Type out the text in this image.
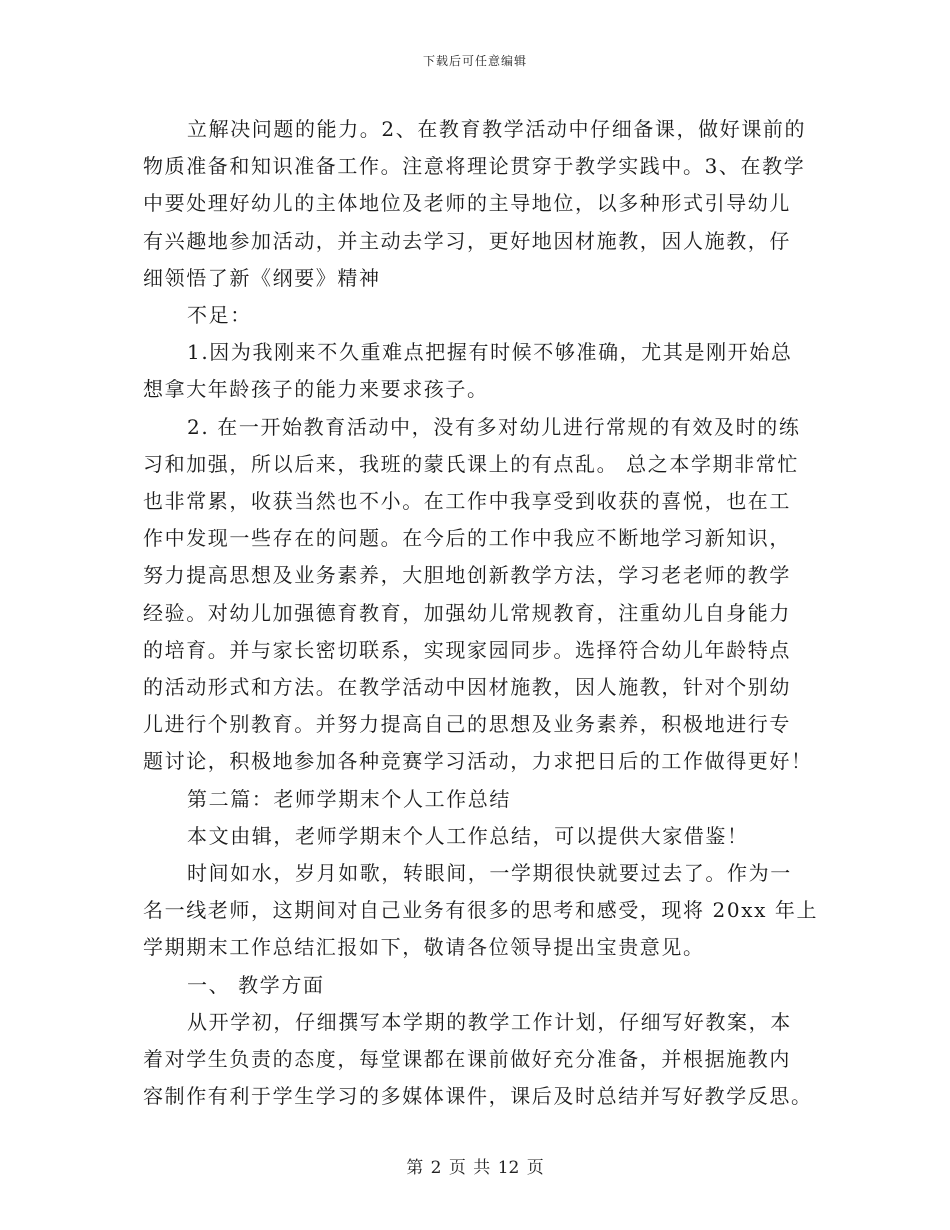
下载后可任意编辑

立解决问题的能力。2、在教育教学活动中仔细备课，做好课前的

物质准备和知识准备工作。注意将理论贯穿于教学实践中。3、在教学

中要处理好幼儿的主体地位及老师的主导地位，以多种形式引导幼儿

有兴趣地参加活动，并主动去学习，更好地因材施教，因人施教，仔

细领悟了新《纲要》精神

不足：

1.因为我刚来不久重难点把握有时候不够准确，尤其是刚开始总

想拿大年龄孩子的能力来要求孩子。

2. 在一开始教育活动中，没有多对幼儿进行常规的有效及时的练

习和加强，所以后来，我班的蒙氏课上的有点乱。 总之本学期非常忙

也非常累，收获当然也不小。在工作中我享受到收获的喜悦，也在工

作中发现一些存在的问题。在今后的工作中我应不断地学习新知识，

努力提高思想及业务素养，大胆地创新教学方法，学习老老师的教学

经验。对幼儿加强德育教育，加强幼儿常规教育，注重幼儿自身能力

的培育。并与家长密切联系，实现家园同步。选择符合幼儿年龄特点

的活动形式和方法。在教学活动中因材施教，因人施教，针对个别幼

儿进行个别教育。并努力提高自己的思想及业务素养，积极地进行专

题讨论，积极地参加各种竞赛学习活动，力求把日后的工作做得更好！

第二篇：老师学期末个人工作总结

本文由辑，老师学期末个人工作总结，可以提供大家借鉴！

时间如水，岁月如歌，转眼间，一学期很快就要过去了。作为一

名一线老师，这期间对自己业务有很多的思考和感受，现将 20xx 年上

学期期末工作总结汇报如下，敬请各位领导提出宝贵意见。

一、 教学方面

从开学初，仔细撰写本学期的教学工作计划，仔细写好教案，本

着对学生负责的态度，每堂课都在课前做好充分准备，并根据施教内

容制作有利于学生学习的多媒体课件，课后及时总结并写好教学反思。

第 2 页 共 12 页
